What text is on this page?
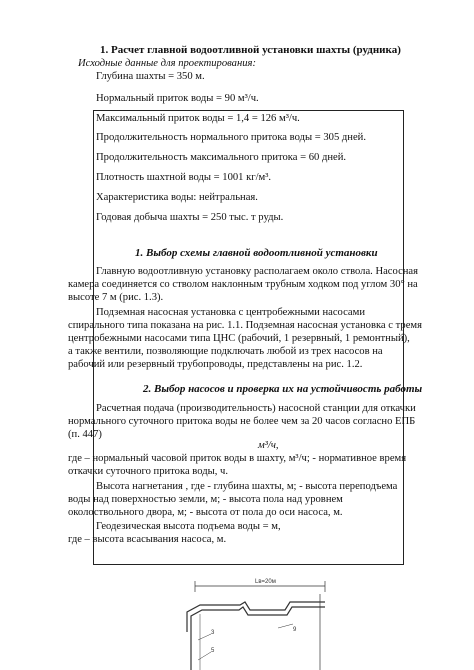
1. Расчет главной водоотливной установки шахты (рудника)
Исходные данные для проектирования:
Глубина шахты = 350 м.
Нормальный приток воды = 90 м³/ч.
Максимальный приток воды = 1,4 = 126 м³/ч.
Продолжительность нормального притока воды = 305 дней.
Продолжительность максимального притока = 60 дней.
Плотность шахтной воды = 1001 кг/м³.
Характеристика воды: нейтральная.
Годовая добыча шахты = 250 тыс. т руды.
1. Выбор схемы главной водоотливной установки
Главную водоотливную установку располагаем около ствола. Насосная
камера соединяется со стволом наклонным трубным ходком под углом 30° на
высоте 7 м (рис. 1.3).
Подземная насосная установка с центробежными насосами
спирального типа показана на рис. 1.1. Подземная насосная установка с тремя
центробежными насосами типа ЦНС (рабочий, 1 резервный, 1 ремонтный),
а также вентили, позволяющие подключать любой из трех насосов на
рабочий или резервный трубопроводы, представлены на рис. 1.2.
2. Выбор насосов и проверка их на устойчивость работы
Расчетная подача (производительность) насосной станции для откачки
нормального суточного притока воды не более чем за 20 часов согласно ЕПБ
(п. 447)
м³/ч,
где – нормальный часовой приток воды в шахту, м³/ч; - нормативное время
откачки суточного притока воды, ч.
Высота нагнетания , где - глубина шахты, м; - высота переподъема
воды над поверхностью земли, м; - высота пола над уровнем
околоствольного двора, м; - высота от пола до оси насоса, м.
Геодезическая высота подъема воды = м,
где – высота всасывания насоса, м.
Lв=20м
9
3
5
